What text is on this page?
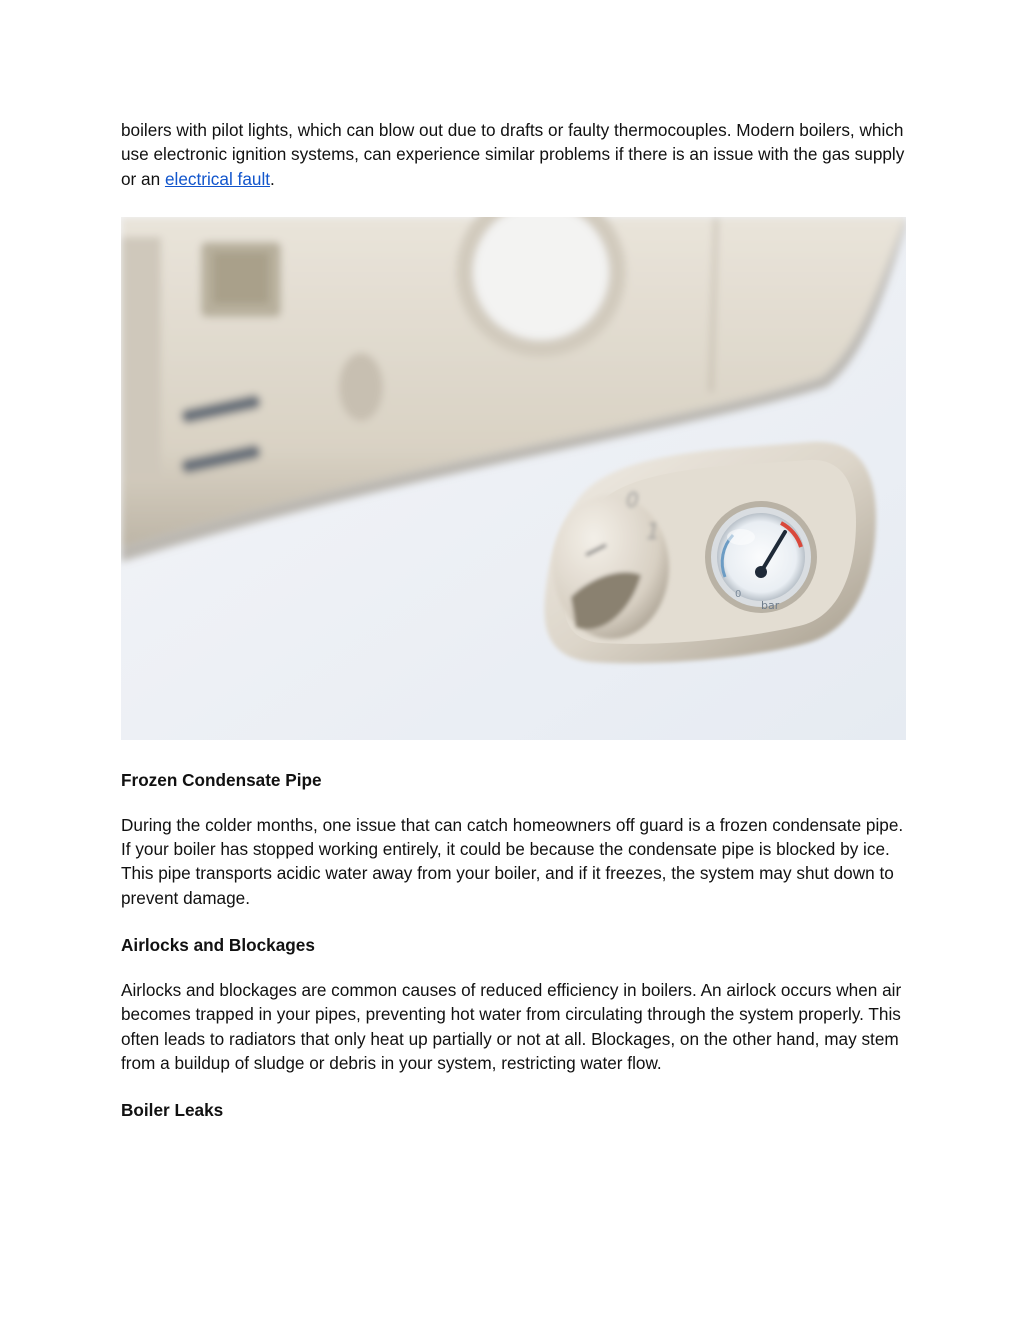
boilers with pilot lights, which can blow out due to drafts or faulty thermocouples. Modern boilers, which use electronic ignition systems, can experience similar problems if there is an issue with the gas supply or an electrical fault.

0
1
0
bar

Frozen Condensate Pipe

During the colder months, one issue that can catch homeowners off guard is a frozen condensate pipe. If your boiler has stopped working entirely, it could be because the condensate pipe is blocked by ice. This pipe transports acidic water away from your boiler, and if it freezes, the system may shut down to prevent damage.

Airlocks and Blockages

Airlocks and blockages are common causes of reduced efficiency in boilers. An airlock occurs when air becomes trapped in your pipes, preventing hot water from circulating through the system properly. This often leads to radiators that only heat up partially or not at all. Blockages, on the other hand, may stem from a buildup of sludge or debris in your system, restricting water flow.

Boiler Leaks
